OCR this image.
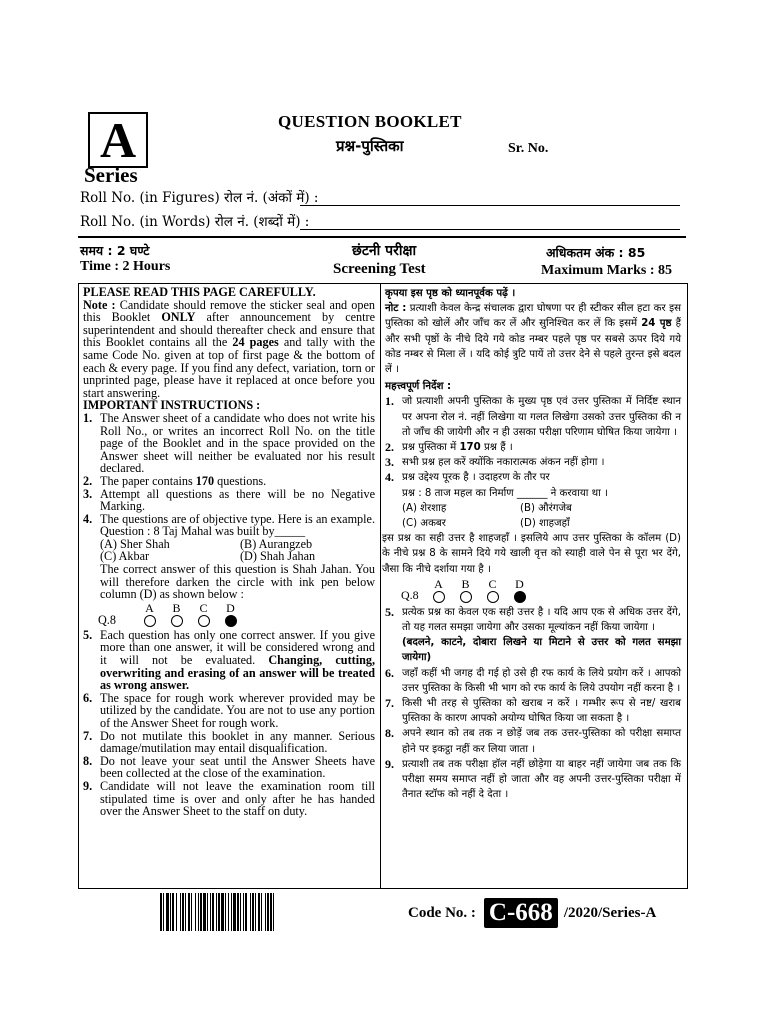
A
Series
QUESTION BOOKLET
प्रश्न-पुस्तिका	Sr. No.
Roll No. (in Figures) रोल नं. (अंकों में) :
Roll No. (in Words) रोल नं. (शब्दों में) :
समय : 2 घण्टे
Time : 2 Hours
छंटनी परीक्षा
Screening Test
अधिकतम अंक : 85
Maximum Marks : 85

PLEASE READ THIS PAGE CAREFULLY.

Note : Candidate should remove the sticker seal and open this Booklet ONLY after announcement by centre superintendent and should thereafter check and ensure that this Booklet contains all the 24 pages and tally with the same Code No. given at top of first page & the bottom of each & every page. If you find any defect, variation, torn or unprinted page, please have it replaced at once before you start answering.

IMPORTANT INSTRUCTIONS :

1. The Answer sheet of a candidate who does not write his Roll No., or writes an incorrect Roll No. on the title page of the Booklet and in the space provided on the Answer sheet will neither be evaluated nor his result declared.
2. The paper contains 170 questions.
3. Attempt all questions as there will be no Negative Marking.
4. The questions are of objective type. Here is an example. Question : 8 Taj Mahal was built by_____
(A) Sher Shah	(B) Aurangzeb
(C) Akbar	(D) Shah Jahan
The correct answer of this question is Shah Jahan. You will therefore darken the circle with ink pen below column (D) as shown below :
Q.8
A B C D
5. Each question has only one correct answer. If you give more than one answer, it will be considered wrong and it will not be evaluated. Changing, cutting, overwriting and erasing of an answer will be treated as wrong answer.
6. The space for rough work wherever provided may be utilized by the candidate. You are not to use any portion of the Answer Sheet for rough work.
7. Do not mutilate this booklet in any manner. Serious damage/mutilation may entail disqualification.
8. Do not leave your seat until the Answer Sheets have been collected at the close of the examination.
9. Candidate will not leave the examination room till stipulated time is over and only after he has handed over the Answer Sheet to the staff on duty.

कृपया इस पृष्ठ को ध्यानपूर्वक पढ़ें ।

नोट : प्रत्याशी केवल केन्द्र संचालक द्वारा घोषणा पर ही स्टीकर सील हटा कर इस पुस्तिका को खोलें और जाँच कर लें और सुनिश्चित कर लें कि इसमें 24 पृष्ठ हैं और सभी पृष्ठों के नीचे दिये गये कोड नम्बर पहले पृष्ठ पर सबसे ऊपर दिये गये कोड नम्बर से मिला लें । यदि कोई त्रुटि पायें तो उत्तर देने से पहले तुरन्त इसे बदल लें ।

महत्त्वपूर्ण निर्देश :

1. जो प्रत्याशी अपनी पुस्तिका के मुख्य पृष्ठ एवं उत्तर पुस्तिका में निर्दिष्ट स्थान पर अपना रोल नं. नहीं लिखेगा या गलत लिखेगा उसको उत्तर पुस्तिका की न तो जाँच की जायेगी और न ही उसका परीक्षा परिणाम घोषित किया जायेगा ।
2. प्रश्न पुस्तिका में 170 प्रश्न हैं ।
3. सभी प्रश्न हल करें क्योंकि नकारात्मक अंकन नहीं होगा ।
4. प्रश्न उद्देश्य पूरक है । उदाहरण के तौर पर
प्रश्न : 8 ताज महल का निर्माण ______ ने करवाया था ।
(A) शेरशाह	(B) औरंगजेब
(C) अकबर	(D) शाहजहाँ

इस प्रश्न का सही उत्तर है शाहजहाँ । इसलिये आप उत्तर पुस्तिका के कॉलम (D) के नीचे प्रश्न 8 के सामने दिये गये खाली वृत्त को स्याही वाले पेन से पूरा भर देंगे, जैसा कि नीचे दर्शाया गया है ।

Q.8
A B C D
5. प्रत्येक प्रश्न का केवल एक सही उत्तर है । यदि आप एक से अधिक उत्तर देंगे, तो यह गलत समझा जायेगा और उसका मूल्यांकन नहीं किया जायेगा ।
(बदलने, काटने, दोबारा लिखने या मिटाने से उत्तर को गलत समझा जायेगा)
6. जहाँ कहीं भी जगह दी गई हो उसे ही रफ कार्य के लिये प्रयोग करें । आपको उत्तर पुस्तिका के किसी भी भाग को रफ कार्य के लिये उपयोग नहीं करना है ।
7. किसी भी तरह से पुस्तिका को खराब न करें । गम्भीर रूप से नष्ट/ खराब पुस्तिका के कारण आपको अयोग्य घोषित किया जा सकता है ।
8. अपने स्थान को तब तक न छोड़ें जब तक उत्तर-पुस्तिका को परीक्षा समाप्त होने पर इकट्ठा नहीं कर लिया जाता ।
9. प्रत्याशी तब तक परीक्षा हॉल नहीं छोड़ेगा या बाहर नहीं जायेगा जब तक कि परीक्षा समय समाप्त नहीं हो जाता और वह अपनी उत्तर-पुस्तिका परीक्षा में तैनात स्टॉफ को नहीं दे देता ।
Code No. : C-668 /2020/Series-A
